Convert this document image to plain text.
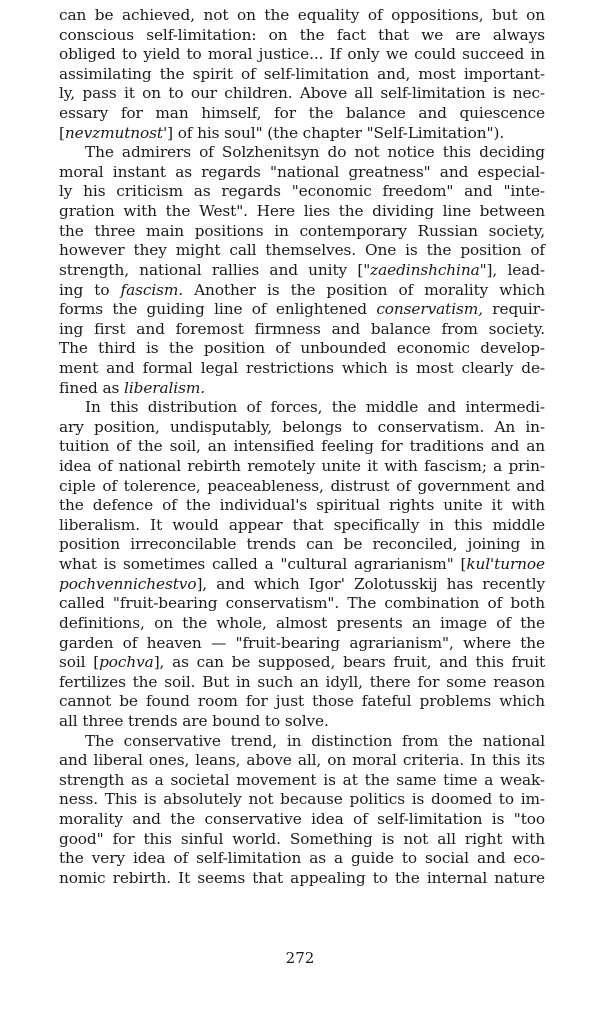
can be achieved, not on the equality of oppositions, but on
conscious self-limitation: on the fact that we are always
obliged to yield to moral justice... If only we could succeed in
assimilating the spirit of self-limitation and, most important-
ly, pass it on to our children. Above all self-limitation is nec-
essary for man himself, for the balance and quiescence
[nevzmutnost'] of his soul" (the chapter "Self-Limitation").
The admirers of Solzhenitsyn do not notice this deciding
moral instant as regards "national greatness" and especial-
ly his criticism as regards "economic freedom" and "inte-
gration with the West". Here lies the dividing line between
the three main positions in contemporary Russian society,
however they might call themselves. One is the position of
strength, national rallies and unity ["zaedinshchina"], lead-
ing to fascism. Another is the position of morality which
forms the guiding line of enlightened conservatism, requir-
ing first and foremost firmness and balance from society.
The third is the position of unbounded economic develop-
ment and formal legal restrictions which is most clearly de-
fined as liberalism.
In this distribution of forces, the middle and intermedi-
ary position, undisputably, belongs to conservatism. An in-
tuition of the soil, an intensified feeling for traditions and an
idea of national rebirth remotely unite it with fascism; a prin-
ciple of tolerence, peaceableness, distrust of government and
the defence of the individual's spiritual rights unite it with
liberalism. It would appear that specifically in this middle
position irreconcilable trends can be reconciled, joining in
what is sometimes called a "cultural agrarianism" [kul'turnoe
pochvennichestvo], and which Igor' Zolotusskij has recently
called "fruit-bearing conservatism". The combination of both
definitions, on the whole, almost presents an image of the
garden of heaven — "fruit-bearing agrarianism", where the
soil [pochva], as can be supposed, bears fruit, and this fruit
fertilizes the soil. But in such an idyll, there for some reason
cannot be found room for just those fateful problems which
all three trends are bound to solve.
The conservative trend, in distinction from the national
and liberal ones, leans, above all, on moral criteria. In this its
strength as a societal movement is at the same time a weak-
ness. This is absolutely not because politics is doomed to im-
morality and the conservative idea of self-limitation is "too
good" for this sinful world. Something is not all right with
the very idea of self-limitation as a guide to social and eco-
nomic rebirth. It seems that appealing to the internal nature
272
